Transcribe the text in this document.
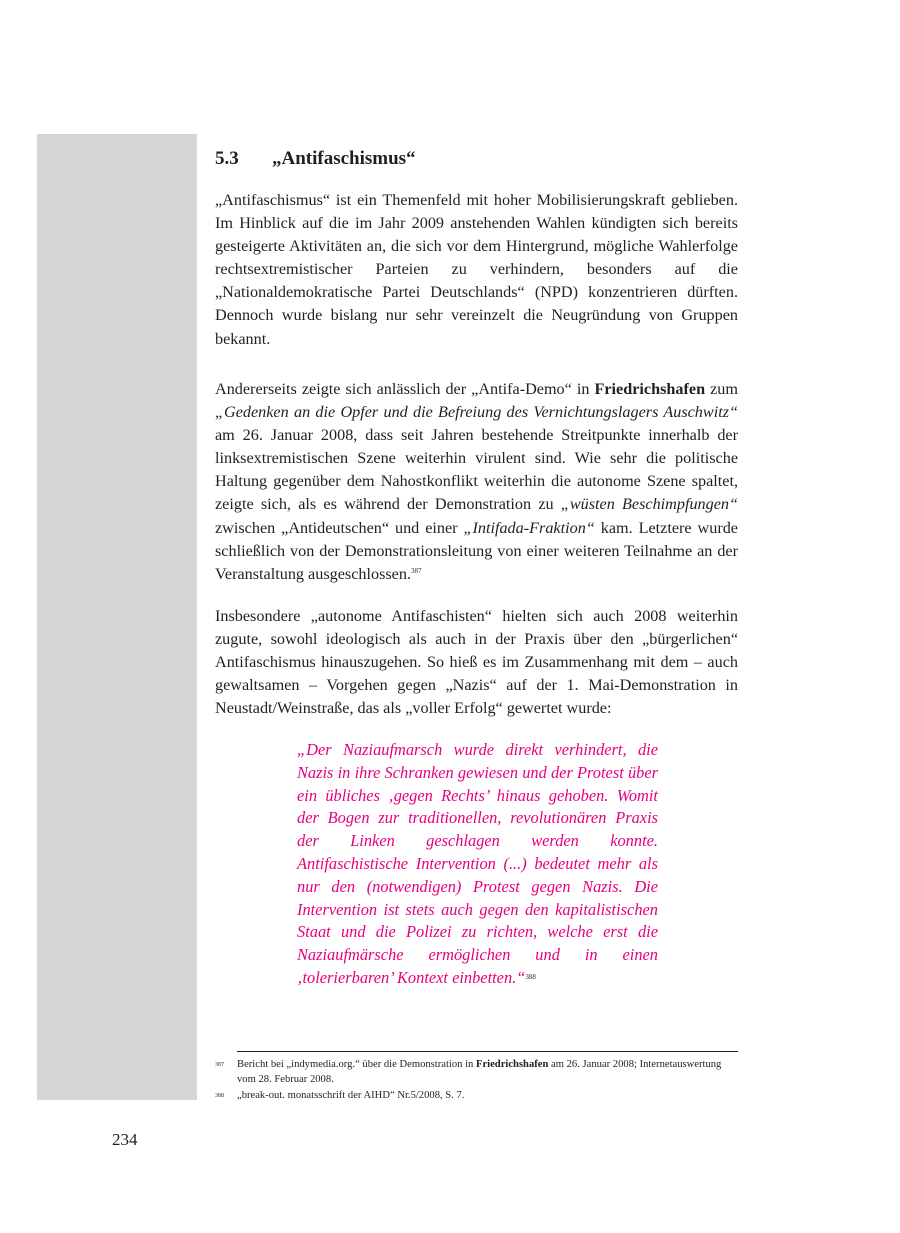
5.3 „Antifaschismus“

„Antifaschismus“ ist ein Themenfeld mit hoher Mobilisierungskraft geblieben. Im Hinblick auf die im Jahr 2009 anstehenden Wahlen kündigten sich bereits gesteigerte Aktivitäten an, die sich vor dem Hintergrund, mögliche Wahlerfolge rechtsextremistischer Parteien zu verhindern, besonders auf die „Nationaldemokratische Partei Deutschlands“ (NPD) konzentrieren dürften. Dennoch wurde bislang nur sehr vereinzelt die Neugründung von Gruppen bekannt.

Andererseits zeigte sich anlässlich der „Antifa-Demo“ in Friedrichshafen zum „Gedenken an die Opfer und die Befreiung des Vernichtungslagers Auschwitz“ am 26. Januar 2008, dass seit Jahren bestehende Streitpunkte innerhalb der linksextremistischen Szene weiterhin virulent sind. Wie sehr die politische Haltung gegenüber dem Nahostkonflikt weiterhin die autonome Szene spaltet, zeigte sich, als es während der Demonstration zu „wüsten Beschimpfungen“ zwischen „Antideutschen“ und einer „Intifada-Fraktion“ kam. Letztere wurde schließlich von der Demonstrationsleitung von einer weiteren Teilnahme an der Veranstaltung ausgeschlossen.$^{387}$

Insbesondere „autonome Antifaschisten“ hielten sich auch 2008 weiterhin zugute, sowohl ideologisch als auch in der Praxis über den „bürgerlichen“ Antifaschismus hinauszugehen. So hieß es im Zusammenhang mit dem – auch gewaltsamen – Vorgehen gegen „Nazis“ auf der 1. Mai-Demonstration in Neustadt/Weinstraße, das als „voller Erfolg“ gewertet wurde:

„Der Naziaufmarsch wurde direkt verhindert, die Nazis in ihre Schranken gewiesen und der Protest über ein übliches ‚gegen Rechts’ hinaus gehoben. Womit der Bogen zur traditionellen, revolutionären Praxis der Linken geschlagen werden konnte. Antifaschistische Intervention (...) bedeutet mehr als nur den (notwendigen) Protest gegen Nazis. Die Intervention ist stets auch gegen den kapitalistischen Staat und die Polizei zu richten, welche erst die Naziaufmärsche ermöglichen und in einen ‚tolerierbaren’ Kontext einbetten.“$^{388}$

387	Bericht bei „indymedia.org.“ über die Demonstration in Friedrichshafen am 26. Januar 2008; Internetauswertung vom 28. Februar 2008.
388	„break-out. monatsschrift der AIHD“ Nr.5/2008, S. 7.
234
